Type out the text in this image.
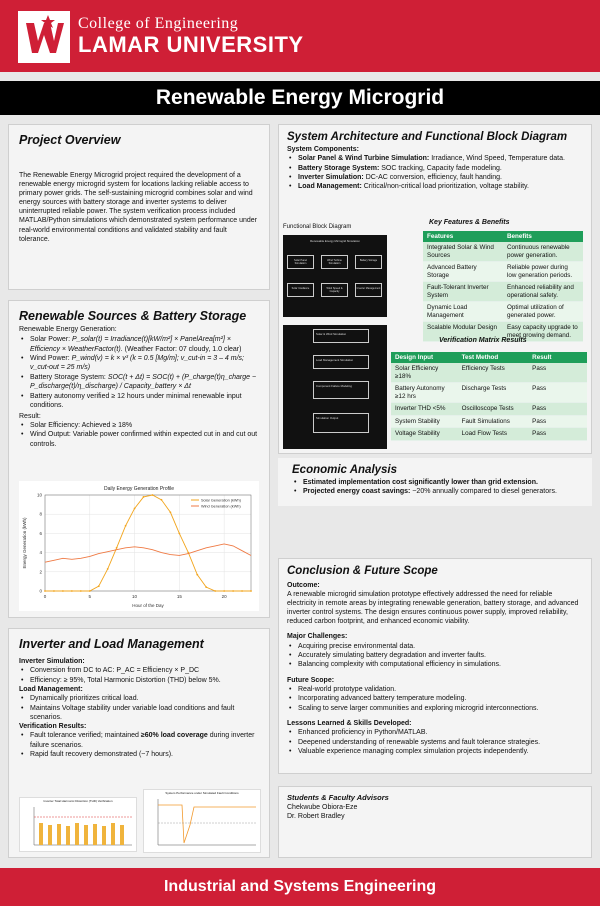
College of Engineering
LAMAR UNIVERSITY
Renewable Energy Microgrid
Project Overview
The Renewable Energy Microgrid project required the development of a renewable energy microgrid system for locations lacking reliable access to primary power grids. The self-sustaining microgrid combines solar and wind energy sources with battery storage and inverter systems to deliver uninterrupted reliable power. The system verification process included MATLAB/Python simulations which demonstrated system performance under real-world environmental conditions and validated stability and fault tolerance.
Renewable Sources & Battery Storage
Renewable Energy Generation:
• Solar Power: P_solar(t) = Irradiance(t)[kW/m²] × PanelArea[m²] × Efficiency × WeatherFactor(t). (Weather Factor: 07 cloudy, 1.0 clear)
• Wind Power: P_wind(v) = k × v³ (k = 0.5 [Mg/m]; v_cut-in = 3 – 4 m/s; v_cut-out = 25 m/s)
• Battery Storage System: SOC(t + Δt) = SOC(t) + (P_charge(t)η_charge − P_discharge(t)/η_discharge) / Capacity_battery × Δt
• Battery autonomy verified ≥ 12 hours under minimal renewable input conditions.
Result:
• Solar Efficiency: Achieved ≥ 18%
• Wind Output: Variable power confirmed within expected cut in and cut out controls.
Daily Energy Generation Profile
0
2
4
6
8
10
0	5	10	15	20
Hour of the Day
Energy Generation (kWh)
Solar Generation (kWh)
Wind Generation (kWh)
Inverter and Load Management
Inverter Simulation:
• Conversion from DC to AC: P_AC = Efficiency × P_DC
• Efficiency: ≥ 95%, Total Harmonic Distortion (THD) below 5%.
Load Management:
• Dynamically prioritizes critical load.
• Maintains Voltage stability under variable load conditions and fault scenarios.
Verification Results:
• Fault tolerance verified; maintained ≥60% load coverage during inverter failure scenarios.
• Rapid fault recovery demonstrated (~7 hours).
Inverter Total Harmonic Distortion (THD) Verification
System Performance under Simulated Fault Conditions
System Architecture and Functional Block Diagram
System Components:
• Solar Panel & Wind Turbine Simulation: Irradiance, Wind Speed, Temperature data.
• Battery Storage System: SOC tracking, Capacity fade modeling.
• Inverter Simulation: DC-AC conversion, efficiency, fault handing.
• Load Management: Critical/non-critical load prioritization, voltage stability.
Functional Block Diagram
Renewable Energy Microgrid Simulation
Solar Panel Simulation
Wind Turbine Simulation
Battery Storage
Solar Irradiance	Wind Speed & Capacity
Inverter Management
Solar & Wind Simulation
Load Management Simulation
Component Failure Modeling
Simulation Output
Key Features & Benefits
Features	Benefits
Integrated Solar & Wind Sources	Continuous renewable power generation.
Advanced Battery Storage	Reliable power during low generation periods.
Fault-Tolerant Inverter System	Enhanced reliability and operational safety.
Dynamic Load Management	Optimal utilization of generated power.
Scalable Modular Design	Easy capacity upgrade to meet growing demand.
Verification Matrix Results
Design Input	Test Method	Result
Solar Efficiency ≥18%	Efficiency Tests	Pass
Battery Autonomy ≥12 hrs	Discharge Tests	Pass
Inverter THD <5%	Oscilloscope Tests	Pass
System Stability	Fault Simulations	Pass
Voltage Stability	Load Flow Tests	Pass
Economic Analysis
• Estimated implementation cost significantly lower than grid extension.
• Projected energy coast savings: ~20% annually compared to diesel generators.
Conclusion & Future Scope
Outcome:
A renewable microgrid simulation prototype effectively addressed the need for reliable electricity in remote areas by integrating renewable generation, battery storage, and advanced inverter control systems. The design ensures continuous power supply, improved reliability, reduced carbon footprint, and enhanced economic viability.
Major Challenges:
• Acquiring precise environmental data.
• Accurately simulating battery degradation and inverter faults.
• Balancing complexity with computational efficiency in simulations.
Future Scope:
• Real-world prototype validation.
• Incorporating advanced battery temperature modeling.
• Scaling to serve larger communities and exploring microgrid interconnections.
Lessons Learned & Skills Developed:
• Enhanced proficiency in Python/MATLAB.
• Deepened understanding of renewable systems and fault tolerance strategies.
• Valuable experience managing complex simulation projects independently.
Students & Faculty Advisors
Chekwube Obiora-Eze
Dr. Robert Bradley
Industrial and Systems Engineering
